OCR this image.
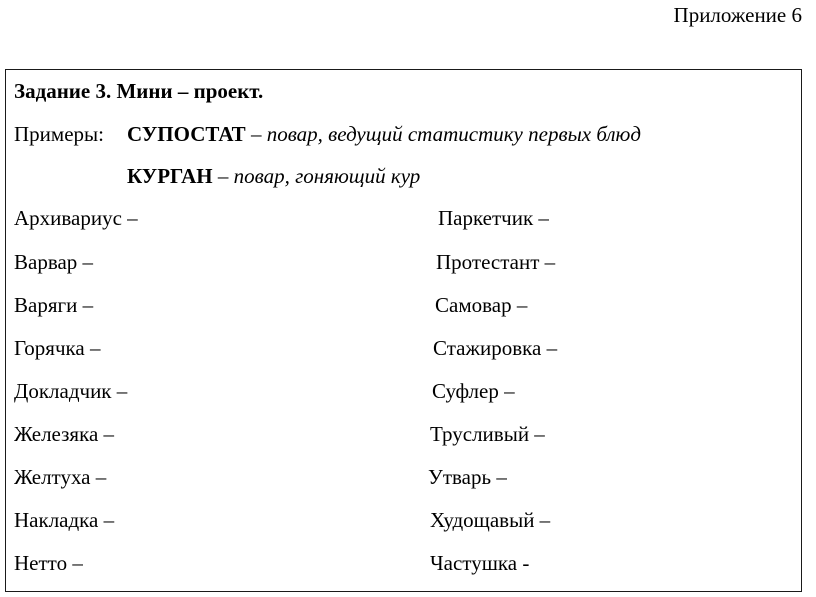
Приложение 6
Задание 3. Мини – проект.
Примеры: СУПОСТАТ – повар, ведущий статистику первых блюд
КУРГАН – повар, гоняющий кур
Архивариус –
Варвар –
Варяги –
Горячка –
Докладчик –
Железяка –
Желтуха –
Накладка –
Нетто –
Паркетчик –
Протестант –
Самовар –
Стажировка –
Суфлер –
Трусливый –
Утварь –
Худощавый –
Частушка -
